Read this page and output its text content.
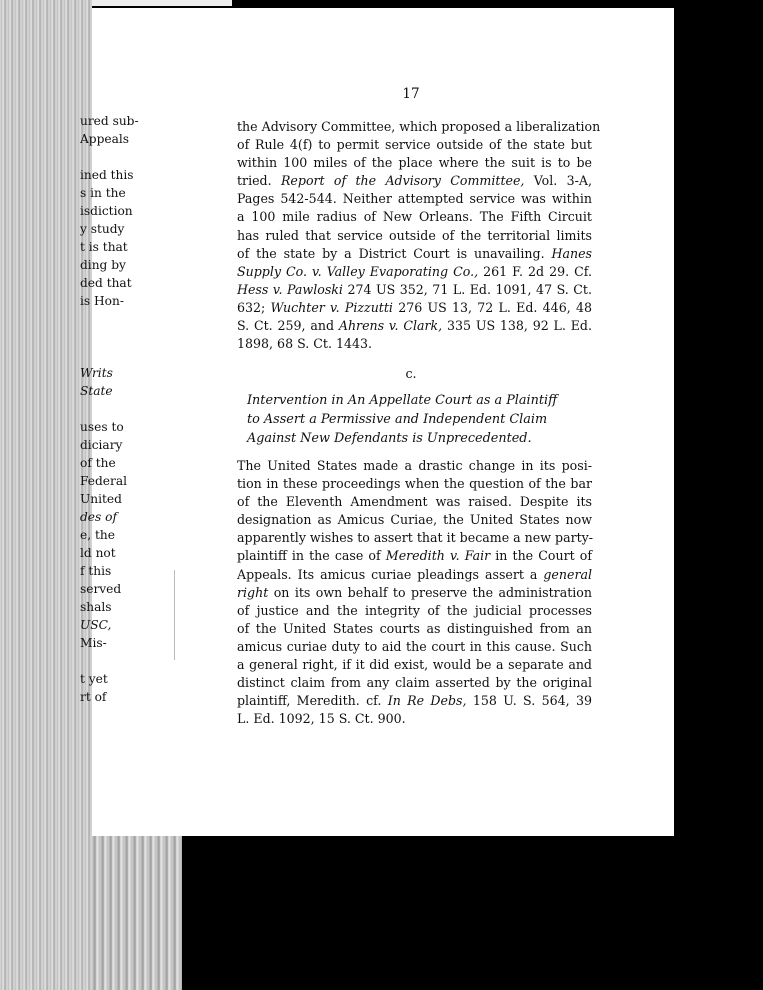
ured sub-
Appeals
ined this
s in the
isdiction
y study
t is that
ding by
ded that
is Hon-
Writs
State
uses to
diciary
of the
Federal
United
des of
e, the
ld not
f this
served
shals
USC,
Mis-
t yet
rt of
17
the Advisory Committee, which proposed a liberalization
of Rule 4(f) to permit service outside of the state but
within 100 miles of the place where the suit is to be
tried. Report of the Advisory Committee, Vol. 3-A,
Pages 542-544. Neither attempted service was within
a 100 mile radius of New Orleans. The Fifth Circuit
has ruled that service outside of the territorial limits
of the state by a District Court is unavailing. Hanes
Supply Co. v. Valley Evaporating Co., 261 F. 2d 29. Cf.
Hess v. Pawloski 274 US 352, 71 L. Ed. 1091, 47 S. Ct.
632; Wuchter v. Pizzutti 276 US 13, 72 L. Ed. 446, 48
S. Ct. 259, and Ahrens v. Clark, 335 US 138, 92 L. Ed.
1898, 68 S. Ct. 1443.
c.
Intervention in An Appellate Court as a Plaintiff
to Assert a Permissive and Independent Claim
Against New Defendants is Unprecedented.
The United States made a drastic change in its posi-
tion in these proceedings when the question of the bar
of the Eleventh Amendment was raised. Despite its
designation as Amicus Curiae, the United States now
apparently wishes to assert that it became a new party-
plaintiff in the case of Meredith v. Fair in the Court of
Appeals. Its amicus curiae pleadings assert a general
right on its own behalf to preserve the administration
of justice and the integrity of the judicial processes
of the United States courts as distinguished from an
amicus curiae duty to aid the court in this cause. Such
a general right, if it did exist, would be a separate and
distinct claim from any claim asserted by the original
plaintiff, Meredith. cf. In Re Debs, 158 U. S. 564, 39
L. Ed. 1092, 15 S. Ct. 900.
